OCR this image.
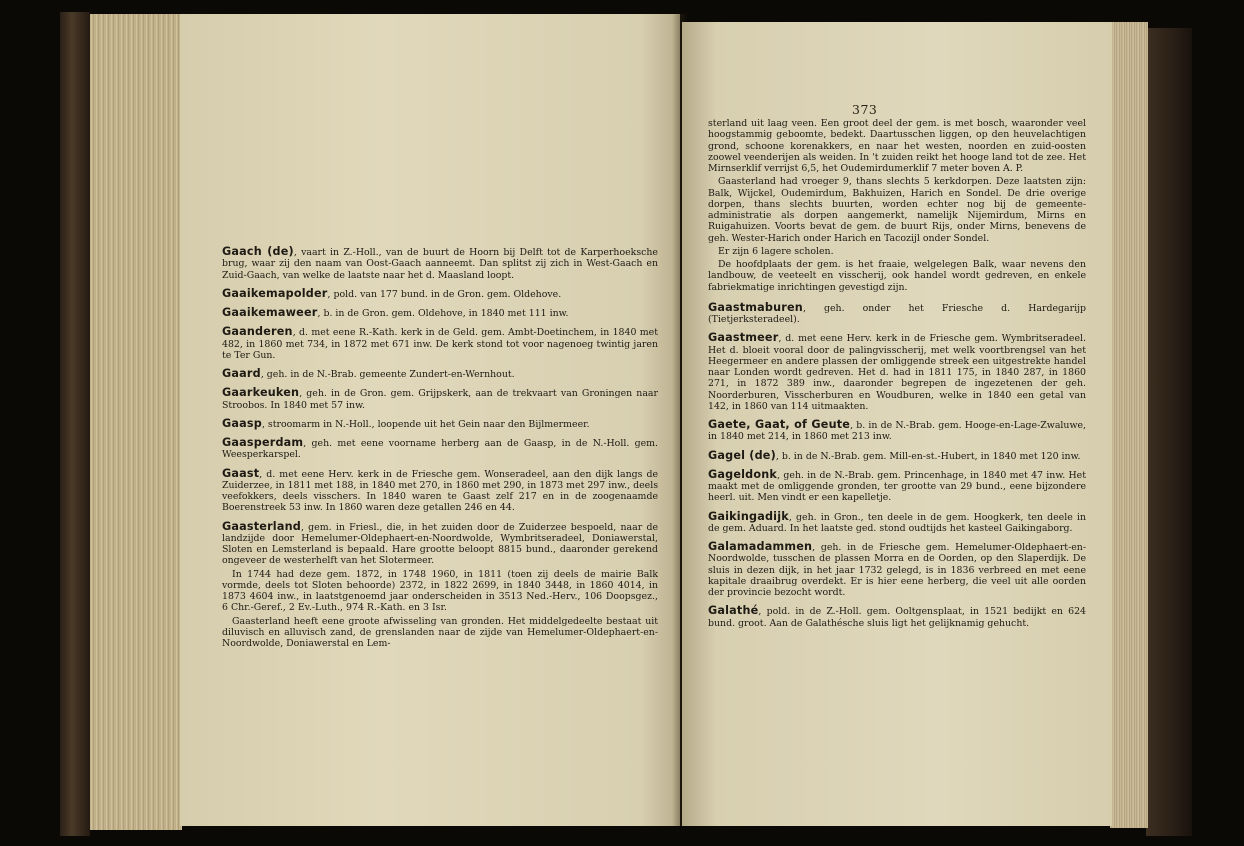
Gaach (de), vaart in Z.-Holl., van de buurt de Hoorn bij Delft tot de Karperhoeksche brug, waar zij den naam van Oost-Gaach aanneemt. Dan splitst zij zich in West-Gaach en Zuid-Gaach, van welke de laatste naar het d. Maasland loopt.
Gaaikemapolder, pold. van 177 bund. in de Gron. gem. Oldehove.
Gaaikemaweer, b. in de Gron. gem. Oldehove, in 1840 met 111 inw.
Gaanderen, d. met eene R.-Kath. kerk in de Geld. gem. Ambt-Doetinchem, in 1840 met 482, in 1860 met 734, in 1872 met 671 inw. De kerk stond tot voor nagenoeg twintig jaren te Ter Gun.
Gaard, geh. in de N.-Brab. gemeente Zundert-en-Wernhout.
Gaarkeuken, geh. in de Gron. gem. Grijpskerk, aan de trekvaart van Groningen naar Stroobos. In 1840 met 57 inw.
Gaasp, stroomarm in N.-Holl., loopende uit het Gein naar den Bijlmermeer.
Gaasperdam, geh. met eene voorname herberg aan de Gaasp, in de N.-Holl. gem. Weesperkarspel.
Gaast, d. met eene Herv. kerk in de Friesche gem. Wonseradeel, aan den dijk langs de Zuiderzee, in 1811 met 188, in 1840 met 270, in 1860 met 290, in 1873 met 297 inw., deels veefokkers, deels visschers. In 1840 waren te Gaast zelf 217 en in de zoogenaamde Boerenstreek 53 inw. In 1860 waren deze getallen 246 en 44.
Gaasterland, gem. in Friesl., die, in het zuiden door de Zuiderzee bespoeld, naar de landzijde door Hemelumer-Oldephaert-en-Noordwolde, Wymbritseradeel, Doniawerstal, Sloten en Lemsterland is bepaald. Hare grootte beloopt 8815 bund., daaronder gerekend ongeveer de westerhelft van het Slotermeer.

In 1744 had deze gem. 1872, in 1748 1960, in 1811 (toen zij deels de mairie Balk vormde, deels tot Sloten behoorde) 2372, in 1822 2699, in 1840 3448, in 1860 4014, in 1873 4604 inw., in laatstgenoemd jaar onderscheiden in 3513 Ned.-Herv., 106 Doopsgez., 6 Chr.-Geref., 2 Ev.-Luth., 974 R.-Kath. en 3 Isr.

Gaasterland heeft eene groote afwisseling van gronden. Het middelgedeelte bestaat uit diluvisch en alluvisch zand, de grenslanden naar de zijde van Hemelumer-Oldephaert-en-Noordwolde, Doniawerstal en Lem-

373

sterland uit laag veen. Een groot deel der gem. is met bosch, waaronder veel hoogstammig geboomte, bedekt. Daartusschen liggen, op den heuvelachtigen grond, schoone korenakkers, en naar het westen, noorden en zuid-oosten zoowel veenderijen als weiden. In 't zuiden reikt het hooge land tot de zee. Het Mirnserklif verrijst 6,5, het Oudemirdumerklif 7 meter boven A. P.

Gaasterland had vroeger 9, thans slechts 5 kerkdorpen. Deze laatsten zijn: Balk, Wijckel, Oudemirdum, Bakhuizen, Harich en Sondel. De drie overige dorpen, thans slechts buurten, worden echter nog bij de gemeente-administratie als dorpen aangemerkt, namelijk Nijemirdum, Mirns en Ruigahuizen. Voorts bevat de gem. de buurt Rijs, onder Mirns, benevens de geh. Wester-Harich onder Harich en Tacozijl onder Sondel.

Er zijn 6 lagere scholen.

De hoofdplaats der gem. is het fraaie, welgelegen Balk, waar nevens den landbouw, de veeteelt en visscherij, ook handel wordt gedreven, en enkele fabriekmatige inrichtingen gevestigd zijn.

Gaastmaburen, geh. onder het Friesche d. Hardegarijp (Tietjerksteradeel).
Gaastmeer, d. met eene Herv. kerk in de Friesche gem. Wymbritseradeel. Het d. bloeit vooral door de palingvisscherij, met welk voortbrengsel van het Heegermeer en andere plassen der omliggende streek een uitgestrekte handel naar Londen wordt gedreven. Het d. had in 1811 175, in 1840 287, in 1860 271, in 1872 389 inw., daaronder begrepen de ingezetenen der geh. Noorderburen, Visscherburen en Woudburen, welke in 1840 een getal van 142, in 1860 van 114 uitmaakten.
Gaete, Gaat, of Geute, b. in de N.-Brab. gem. Hooge-en-Lage-Zwaluwe, in 1840 met 214, in 1860 met 213 inw.
Gagel (de), b. in de N.-Brab. gem. Mill-en-st.-Hubert, in 1840 met 120 inw.
Gageldonk, geh. in de N.-Brab. gem. Princenhage, in 1840 met 47 inw. Het maakt met de omliggende gronden, ter grootte van 29 bund., eene bijzondere heerl. uit. Men vindt er een kapelletje.
Gaikingadijk, geh. in Gron., ten deele in de gem. Hoogkerk, ten deele in de gem. Aduard. In het laatste ged. stond oudtijds het kasteel Gaikingaborg.
Galamadammen, geh. in de Friesche gem. Hemelumer-Oldephaert-en-Noordwolde, tusschen de plassen Morra en de Oorden, op den Slaperdijk. De sluis in dezen dijk, in het jaar 1732 gelegd, is in 1836 verbreed en met eene kapitale draaibrug overdekt. Er is hier eene herberg, die veel uit alle oorden der provincie bezocht wordt.
Galathé, pold. in de Z.-Holl. gem. Ooltgensplaat, in 1521 bedijkt en 624 bund. groot. Aan de Galathésche sluis ligt het gelijknamig gehucht.
